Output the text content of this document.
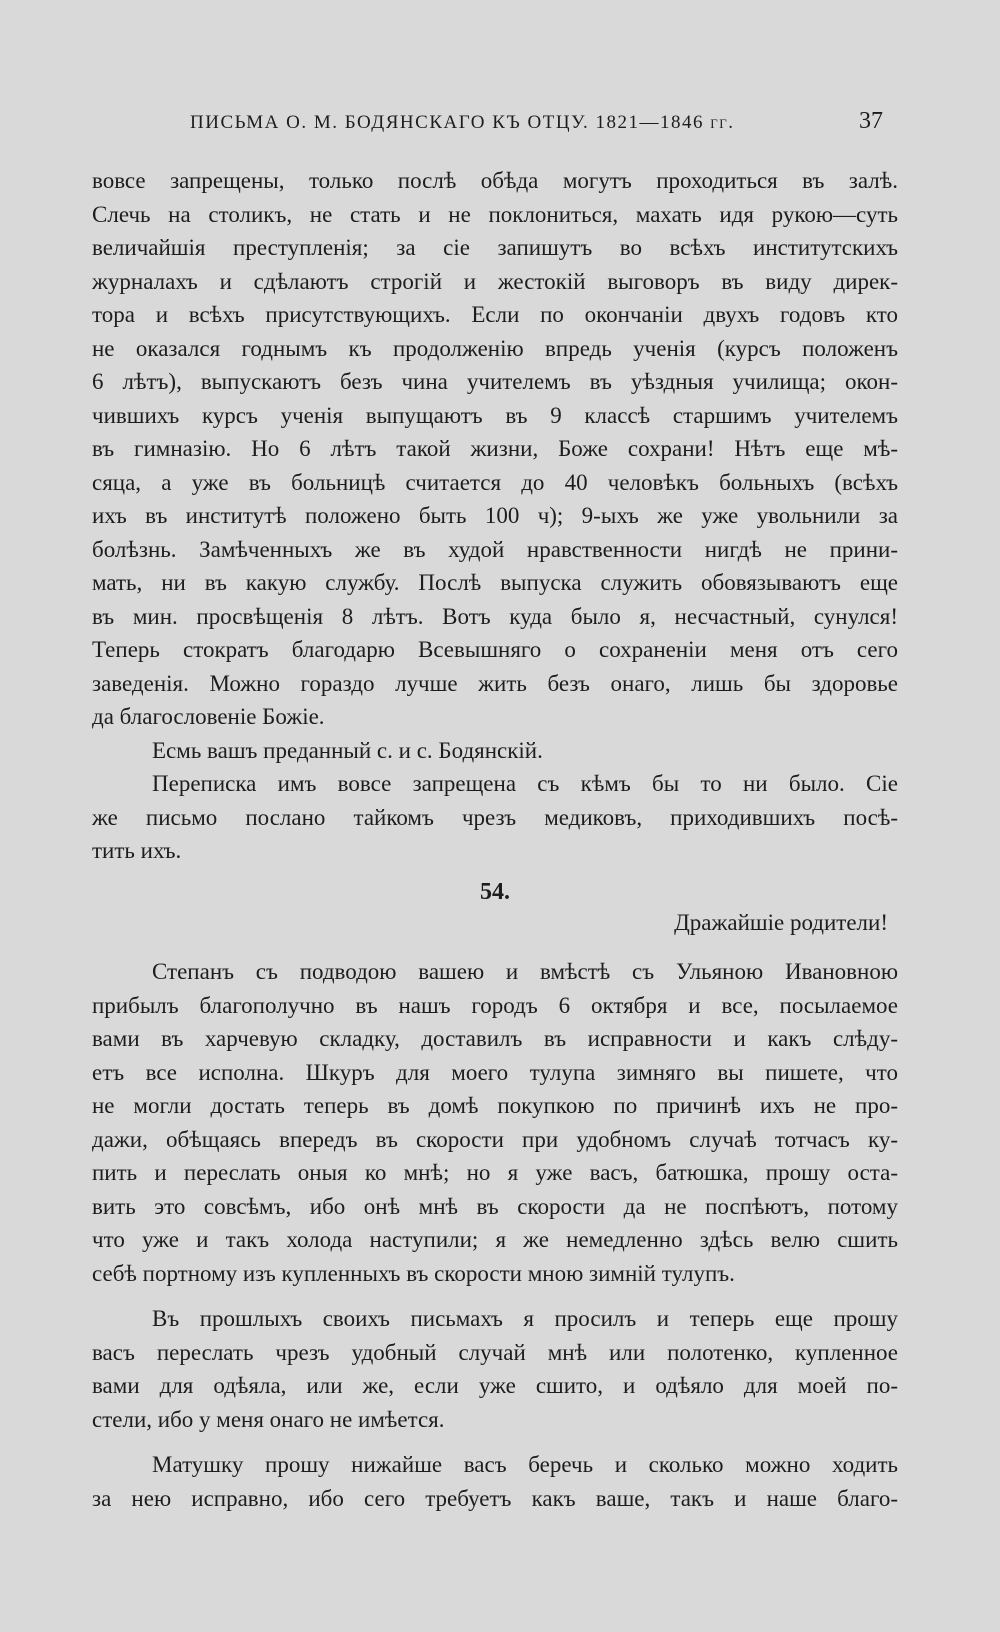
ПИСЬМА О. М. БОДЯНСКАГО КЪ ОТЦУ. 1821—1846 гг.	37
вовсе запрещены, только послѣ обѣда могутъ проходиться въ залѣ.
Слечь на столикъ, не стать и не поклониться, махать идя рукою—суть
величайшія преступленія; за сіе запишутъ во всѣхъ институтскихъ
журналахъ и сдѣлаютъ строгій и жестокій выговоръ въ виду дирек-
тора и всѣхъ присутствующихъ. Если по окончаніи двухъ годовъ кто
не оказался годнымъ къ продолженію впредь ученія (курсъ положенъ
6 лѣтъ), выпускаютъ безъ чина учителемъ въ уѣздныя училища; окон-
чившихъ курсъ ученія выпущаютъ въ 9 классѣ старшимъ учителемъ
въ гимназію. Но 6 лѣтъ такой жизни, Боже сохрани! Нѣтъ еще мѣ-
сяца, а уже въ больницѣ считается до 40 человѣкъ больныхъ (всѣхъ
ихъ въ институтѣ положено быть 100 ч); 9-ыхъ же уже увольнили за
болѣзнь. Замѣченныхъ же въ худой нравственности нигдѣ не прини-
мать, ни въ какую службу. Послѣ выпуска служить обовязываютъ еще
въ мин. просвѣщенія 8 лѣтъ. Вотъ куда было я, несчастный, сунулся!
Теперь стократъ благодарю Всевышняго о сохраненіи меня отъ сего
заведенія. Можно гораздо лучше жить безъ онаго, лишь бы здоровье
да благословеніе Божіе.
Есмь вашъ преданный с. и с. Бодянскій.
Переписка имъ вовсе запрещена съ кѣмъ бы то ни было. Сіе
же письмо послано тайкомъ чрезъ медиковъ, приходившихъ посѣ-
тить ихъ.
54.
Дражайшіе родители!
Степанъ съ подводою вашею и вмѣстѣ съ Ульяною Ивановною
прибылъ благополучно въ нашъ городъ 6 октября и все, посылаемое
вами въ харчевую складку, доставилъ въ исправности и какъ слѣду-
етъ все исполна. Шкуръ для моего тулупа зимняго вы пишете, что
не могли достать теперь въ домѣ покупкою по причинѣ ихъ не про-
дажи, обѣщаясь впередъ въ скорости при удобномъ случаѣ тотчасъ ку-
пить и переслать оныя ко мнѣ; но я уже васъ, батюшка, прошу оста-
вить это совсѣмъ, ибо онѣ мнѣ въ скорости да не поспѣютъ, потому
что уже и такъ холода наступили; я же немедленно здѣсь велю сшить
себѣ портному изъ купленныхъ въ скорости мною зимній тулупъ.
Въ прошлыхъ своихъ письмахъ я просилъ и теперь еще прошу
васъ переслать чрезъ удобный случай мнѣ или полотенко, купленное
вами для одѣяла, или же, если уже сшито, и одѣяло для моей по-
стели, ибо у меня онаго не имѣется.
Матушку прошу нижайше васъ беречь и сколько можно ходить
за нею исправно, ибо сего требуетъ какъ ваше, такъ и наше благо-
